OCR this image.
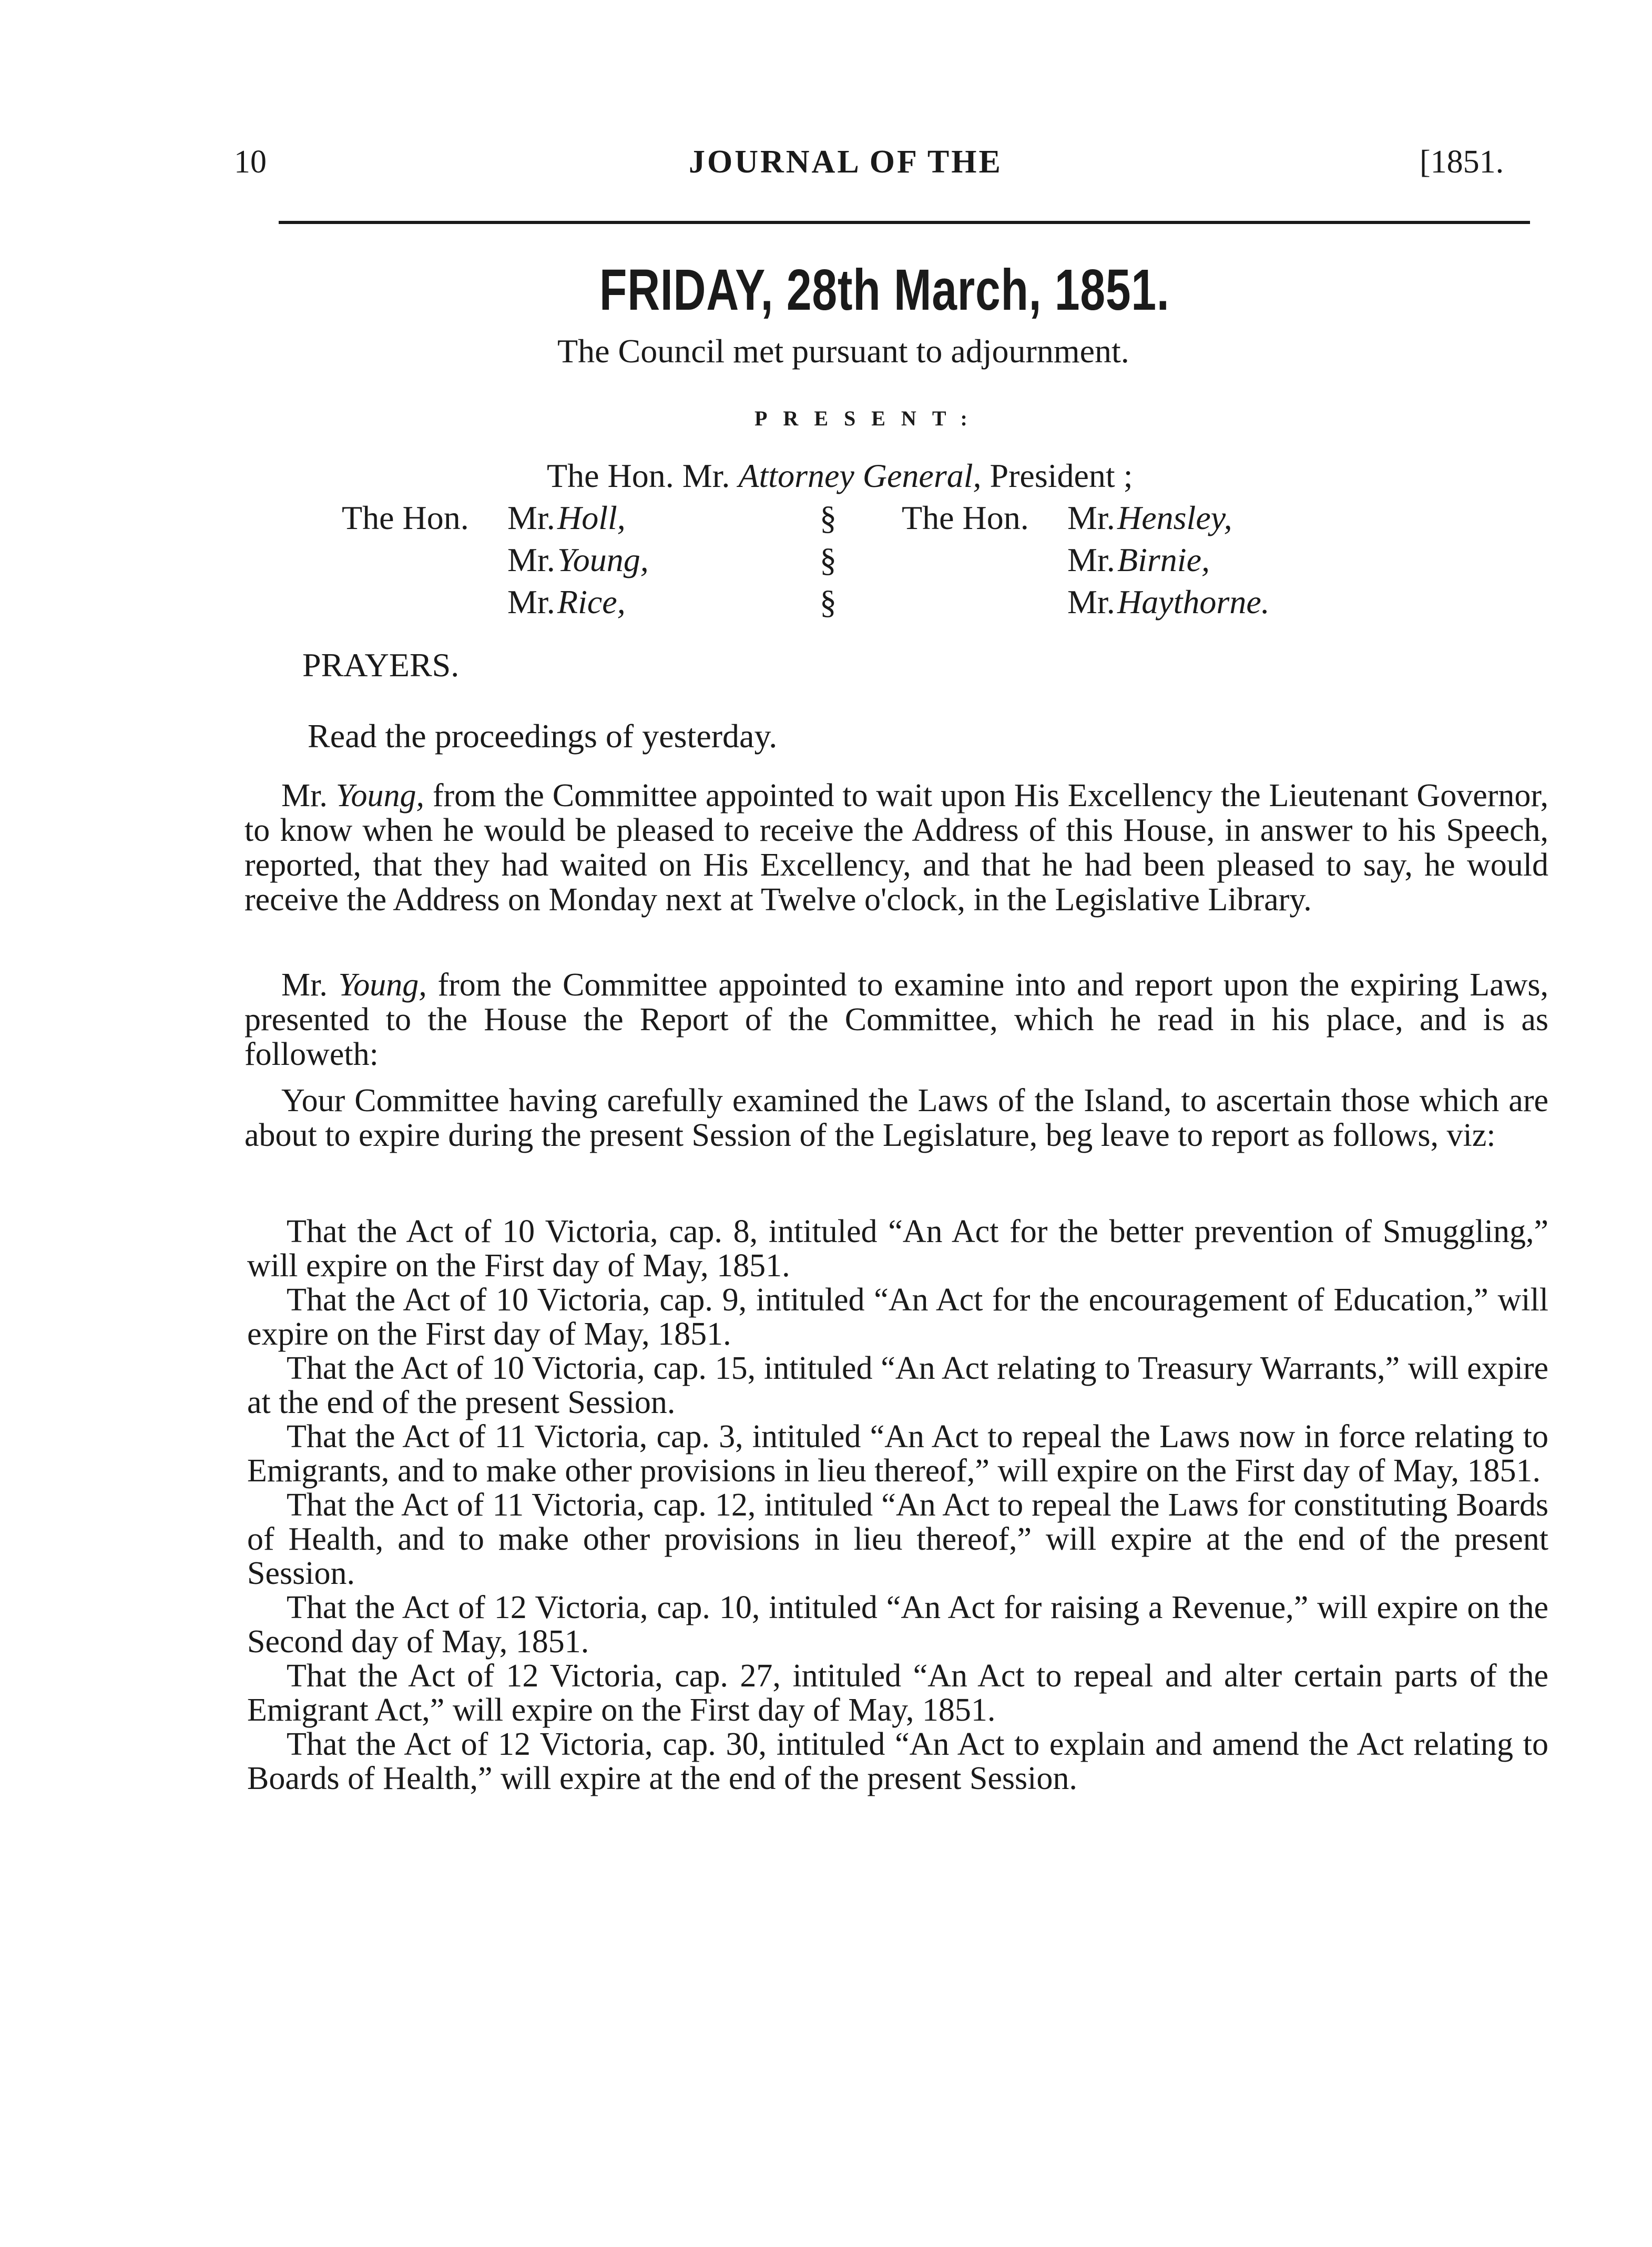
10	JOURNAL OF THE	[1851.
FRIDAY, 28th March, 1851.
The Council met pursuant to adjournment.
PRESENT:
The Hon. Mr. Attorney General, President ;
The Hon.	Mr.	Holl,	§	The Hon.	Mr.	Hensley,
	Mr.	Young,	§		Mr.	Birnie,
	Mr.	Rice,	§		Mr.	Haythorne.
PRAYERS.
Read the proceedings of yesterday.
Mr. Young, from the Committee appointed to wait upon His Excellency the Lieutenant Governor, to know when he would be pleased to receive the Address of this House, in answer to his Speech, reported, that they had waited on His Excellency, and that he had been pleased to say, he would receive the Address on Monday next at Twelve o'clock, in the Legislative Library.
Mr. Young, from the Committee appointed to examine into and report upon the expiring Laws, presented to the House the Report of the Committee, which he read in his place, and is as followeth:
Your Committee having carefully examined the Laws of the Island, to ascertain those which are about to expire during the present Session of the Legislature, beg leave to report as follows, viz:

That the Act of 10 Victoria, cap. 8, intituled “An Act for the better prevention of Smuggling,” will expire on the First day of May, 1851.

That the Act of 10 Victoria, cap. 9, intituled “An Act for the encouragement of Education,” will expire on the First day of May, 1851.

That the Act of 10 Victoria, cap. 15, intituled “An Act relating to Treasury Warrants,” will expire at the end of the present Session.

That the Act of 11 Victoria, cap. 3, intituled “An Act to repeal the Laws now in force relating to Emigrants, and to make other provisions in lieu thereof,” will expire on the First day of May, 1851.

That the Act of 11 Victoria, cap. 12, intituled “An Act to repeal the Laws for constituting Boards of Health, and to make other provisions in lieu thereof,” will expire at the end of the present Session.

That the Act of 12 Victoria, cap. 10, intituled “An Act for raising a Revenue,” will expire on the Second day of May, 1851.

That the Act of 12 Victoria, cap. 27, intituled “An Act to repeal and alter certain parts of the Emigrant Act,” will expire on the First day of May, 1851.

That the Act of 12 Victoria, cap. 30, intituled “An Act to explain and amend the Act relating to Boards of Health,” will expire at the end of the present Session.
